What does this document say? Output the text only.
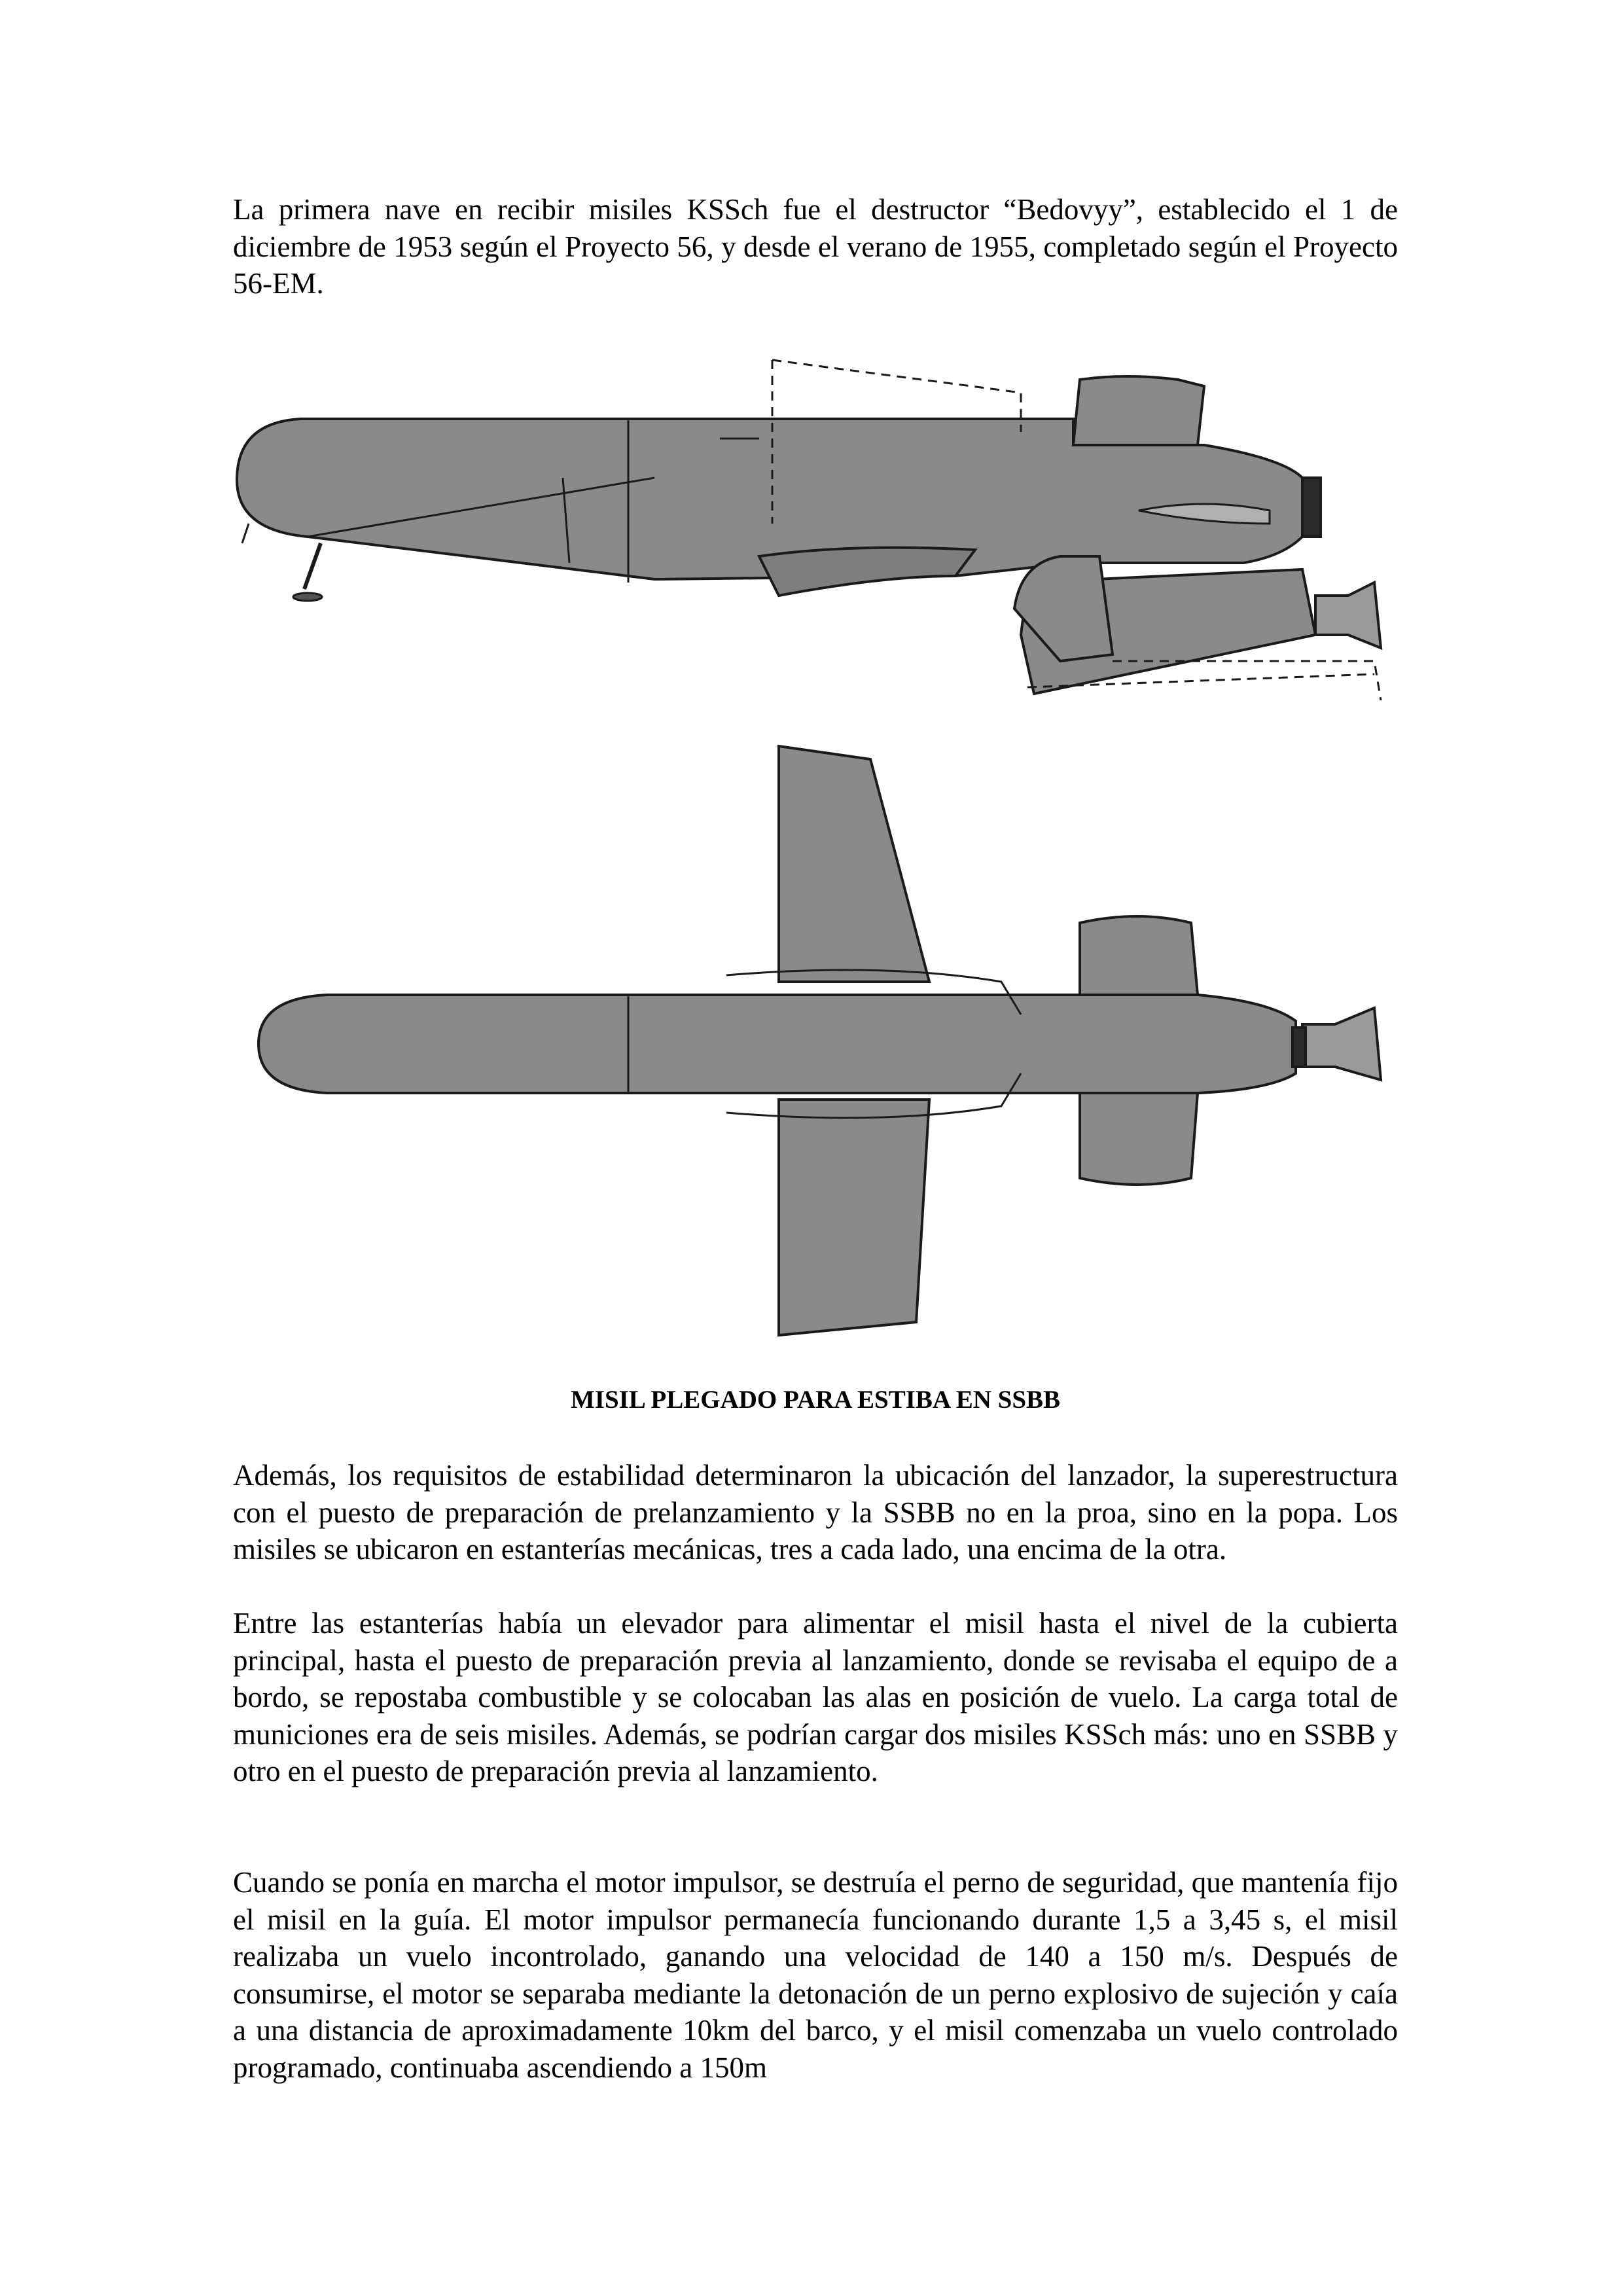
La primera nave en recibir misiles KSSch fue el destructor “Bedovyy”, establecido el 1 de diciembre de 1953 según el Proyecto 56, y desde el verano de 1955, completado según el Proyecto 56-EM.

MISIL PLEGADO PARA ESTIBA EN SSBB

Además, los requisitos de estabilidad determinaron la ubicación del lanzador, la superestructura con el puesto de preparación de prelanzamiento y la SSBB no en la proa, sino en la popa. Los misiles se ubicaron en estanterías mecánicas, tres a cada lado, una encima de la otra.

Entre las estanterías había un elevador para alimentar el misil hasta el nivel de la cubierta principal, hasta el puesto de preparación previa al lanzamiento, donde se revisaba el equipo de a bordo, se repostaba combustible y se colocaban las alas en posición de vuelo. La carga total de municiones era de seis misiles. Además, se podrían cargar dos misiles KSSch más: uno en SSBB y otro en el puesto de preparación previa al lanzamiento.

Cuando se ponía en marcha el motor impulsor, se destruía el perno de seguridad, que mantenía fijo el misil en la guía. El motor impulsor permanecía funcionando durante 1,5 a 3,45 s, el misil realizaba un vuelo incontrolado, ganando una velocidad de 140 a 150 m/s. Después de consumirse, el motor se separaba mediante la detonación de un perno explosivo de sujeción y caía a una distancia de aproximadamente 10km del barco, y el misil comenzaba un vuelo controlado programado, continuaba ascendiendo a 150m
